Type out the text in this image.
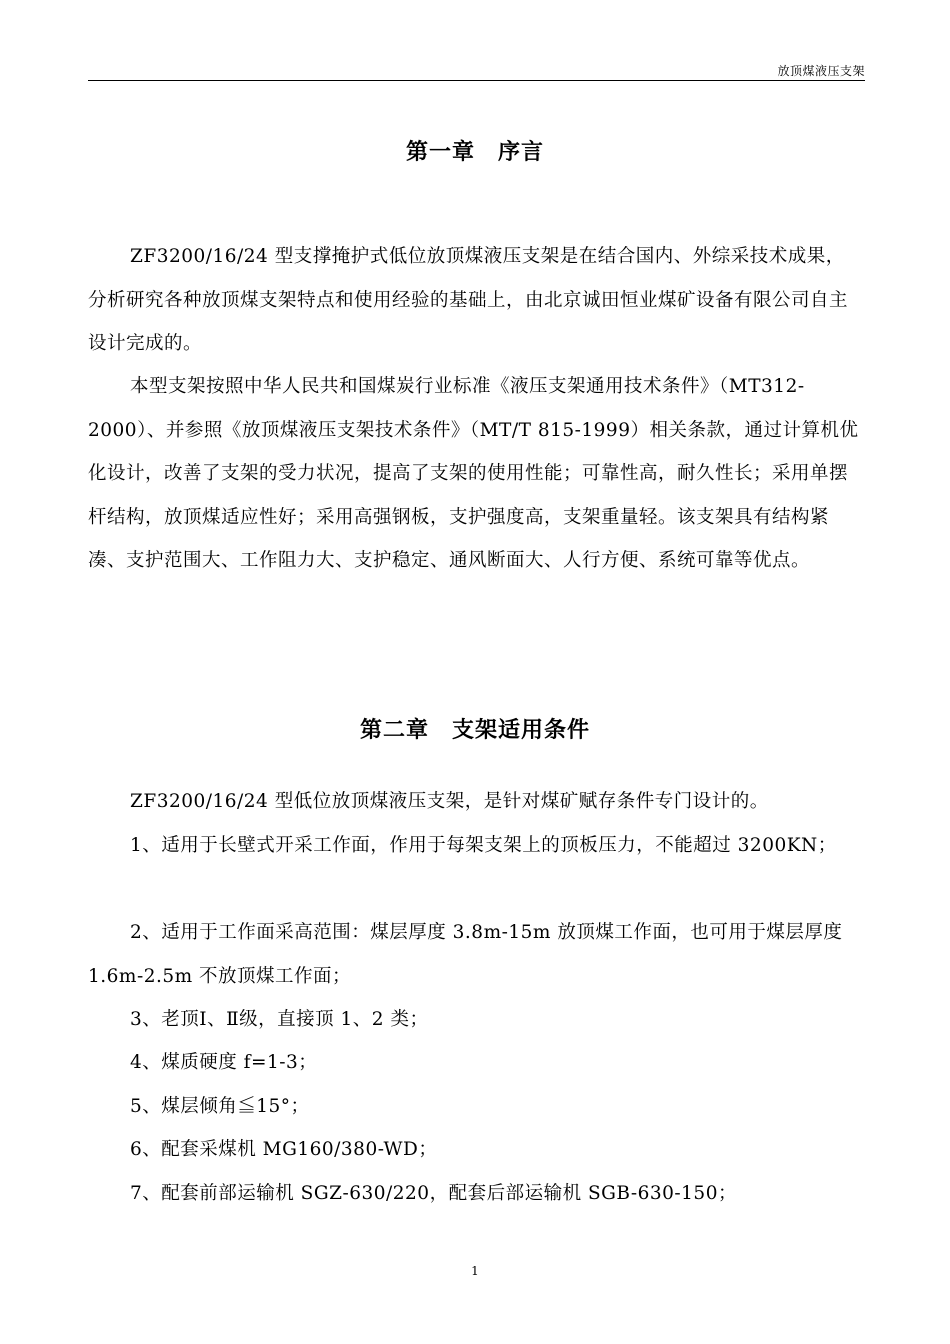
放顶煤液压支架
第一章　序言

ZF3200/16/24 型支撑掩护式低位放顶煤液压支架是在结合国内、外综采技术成果，分析研究各种放顶煤支架特点和使用经验的基础上，由北京诚田恒业煤矿设备有限公司自主设计完成的。

本型支架按照中华人民共和国煤炭行业标准《液压支架通用技术条件》（MT312-2000）、并参照《放顶煤液压支架技术条件》（MT/T 815-1999）相关条款，通过计算机优化设计，改善了支架的受力状况，提高了支架的使用性能；可靠性高，耐久性长；采用单摆杆结构，放顶煤适应性好；采用高强钢板，支护强度高，支架重量轻。该支架具有结构紧凑、支护范围大、工作阻力大、支护稳定、通风断面大、人行方便、系统可靠等优点。

第二章　支架适用条件

ZF3200/16/24 型低位放顶煤液压支架，是针对煤矿赋存条件专门设计的。

1、适用于长壁式开采工作面，作用于每架支架上的顶板压力，不能超过 3200KN；

2、适用于工作面采高范围：煤层厚度 3.8m-15m 放顶煤工作面，也可用于煤层厚度 1.6m-2.5m 不放顶煤工作面；

3、老顶Ⅰ、Ⅱ级，直接顶 1、2 类；

4、煤质硬度 f=1-3；

5、煤层倾角≦15°；

6、配套采煤机 MG160/380-WD；

7、配套前部运输机 SGZ-630/220，配套后部运输机 SGB-630-150；

1
